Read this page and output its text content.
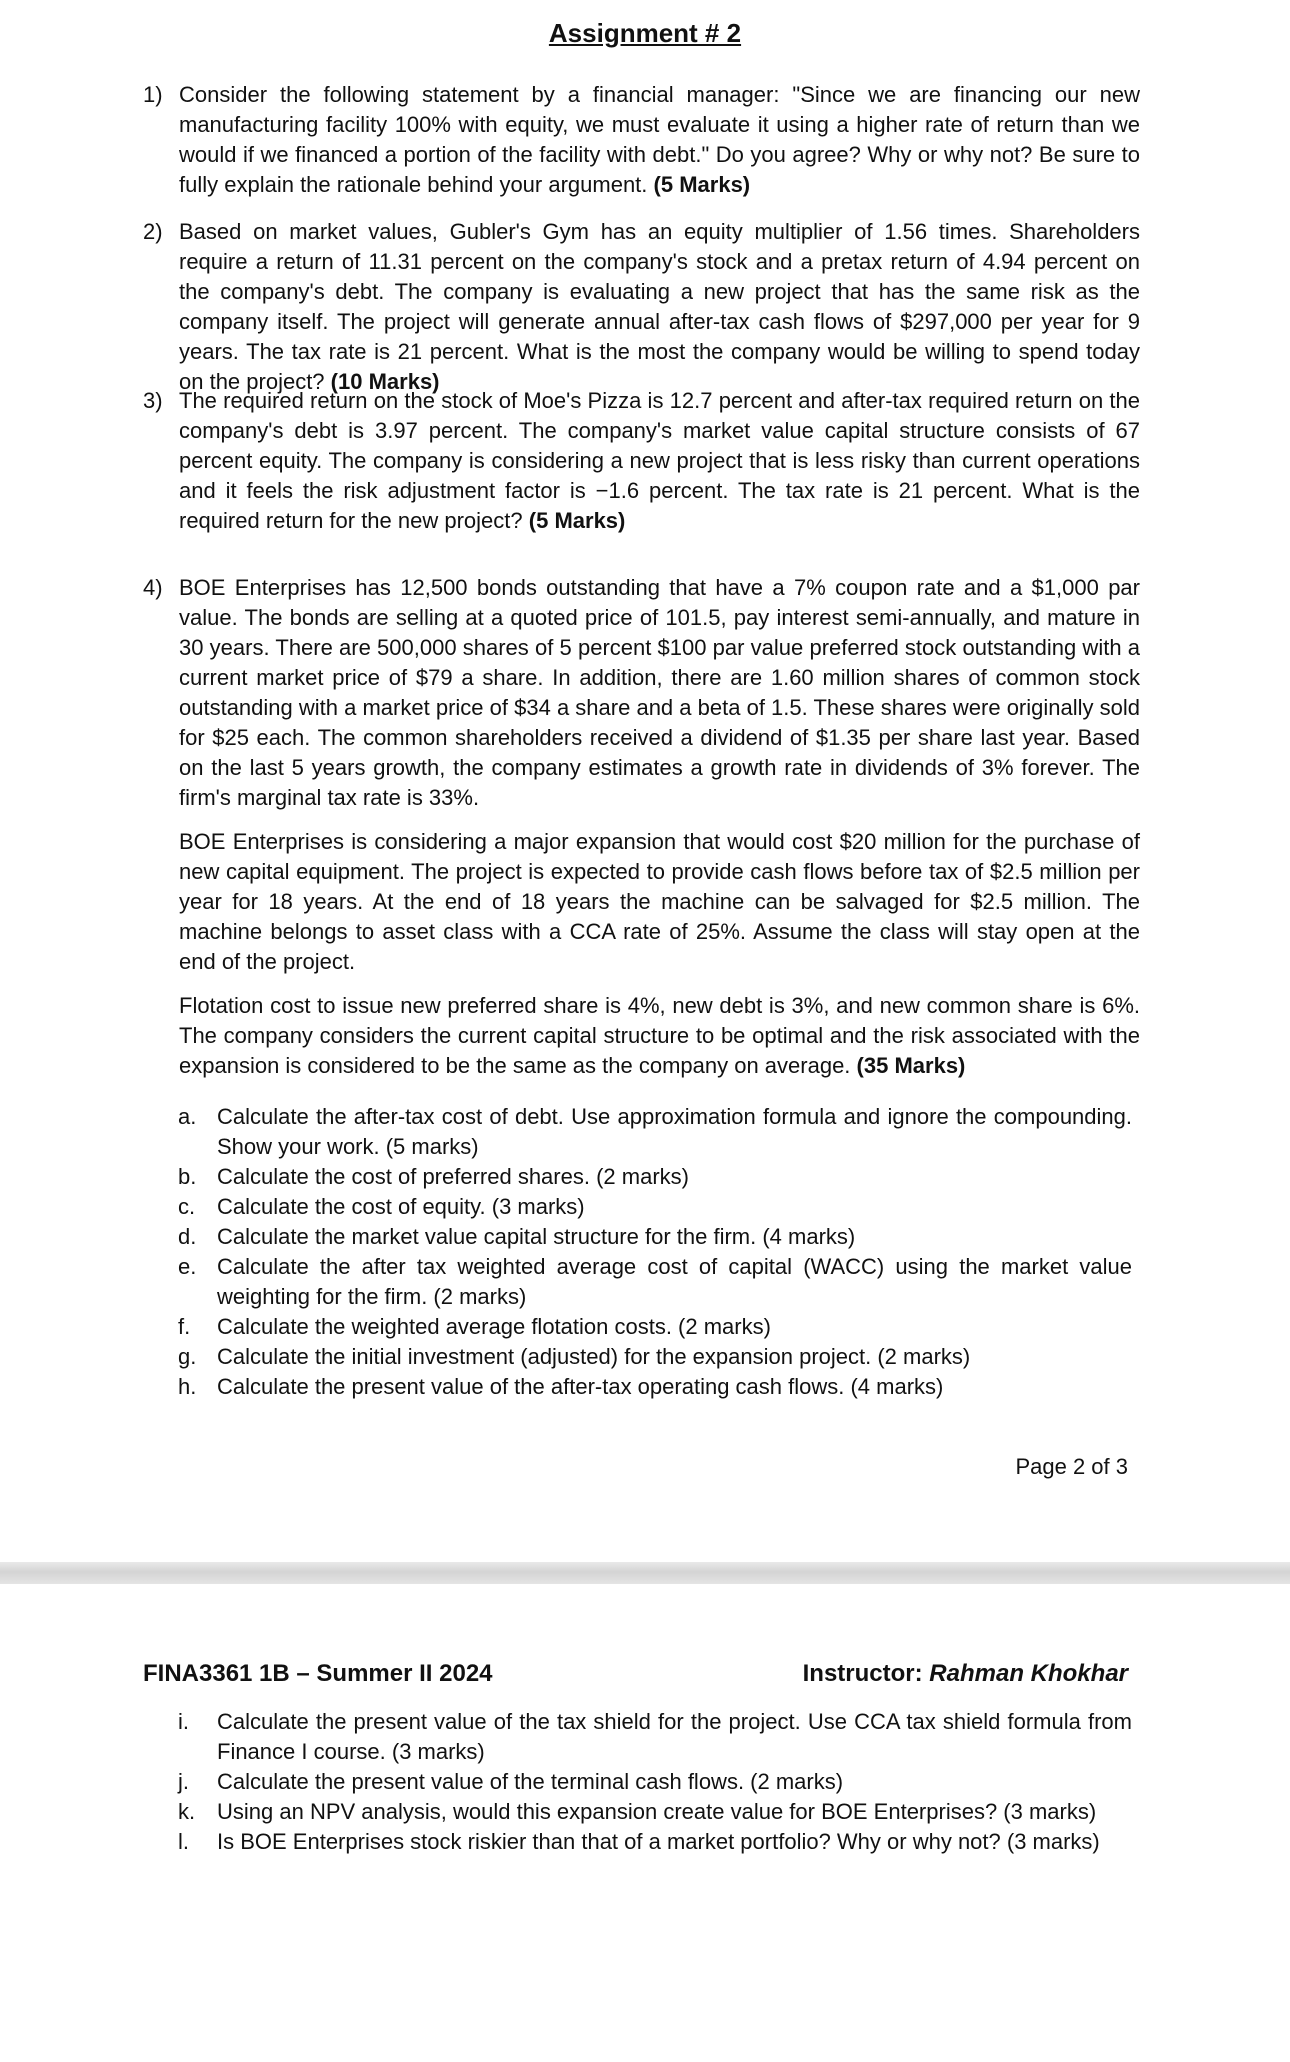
Assignment # 2
1) Consider the following statement by a financial manager: "Since we are financing our new manufacturing facility 100% with equity, we must evaluate it using a higher rate of return than we would if we financed a portion of the facility with debt." Do you agree? Why or why not? Be sure to fully explain the rationale behind your argument. (5 Marks)

2) Based on market values, Gubler's Gym has an equity multiplier of 1.56 times. Shareholders require a return of 11.31 percent on the company's stock and a pretax return of 4.94 percent on the company's debt. The company is evaluating a new project that has the same risk as the company itself. The project will generate annual after-tax cash flows of $297,000 per year for 9 years. The tax rate is 21 percent. What is the most the company would be willing to spend today on the project? (10 Marks)

3) The required return on the stock of Moe's Pizza is 12.7 percent and after-tax required return on the company's debt is 3.97 percent. The company's market value capital structure consists of 67 percent equity. The company is considering a new project that is less risky than current operations and it feels the risk adjustment factor is −1.6 percent. The tax rate is 21 percent. What is the required return for the new project? (5 Marks)

4) BOE Enterprises has 12,500 bonds outstanding that have a 7% coupon rate and a $1,000 par value. The bonds are selling at a quoted price of 101.5, pay interest semi-annually, and mature in 30 years. There are 500,000 shares of 5 percent $100 par value preferred stock outstanding with a current market price of $79 a share. In addition, there are 1.60 million shares of common stock outstanding with a market price of $34 a share and a beta of 1.5. These shares were originally sold for $25 each. The common shareholders received a dividend of $1.35 per share last year. Based on the last 5 years growth, the company estimates a growth rate in dividends of 3% forever. The firm's marginal tax rate is 33%.

BOE Enterprises is considering a major expansion that would cost $20 million for the purchase of new capital equipment. The project is expected to provide cash flows before tax of $2.5 million per year for 18 years. At the end of 18 years the machine can be salvaged for $2.5 million. The machine belongs to asset class with a CCA rate of 25%. Assume the class will stay open at the end of the project.

Flotation cost to issue new preferred share is 4%, new debt is 3%, and new common share is 6%. The company considers the current capital structure to be optimal and the risk associated with the expansion is considered to be the same as the company on average. (35 Marks)

a. Calculate the after-tax cost of debt. Use approximation formula and ignore the compounding. Show your work. (5 marks)
b. Calculate the cost of preferred shares. (2 marks)
c. Calculate the cost of equity. (3 marks)
d. Calculate the market value capital structure for the firm. (4 marks)
e. Calculate the after tax weighted average cost of capital (WACC) using the market value weighting for the firm. (2 marks)
f. Calculate the weighted average flotation costs. (2 marks)
g. Calculate the initial investment (adjusted) for the expansion project. (2 marks)
h. Calculate the present value of the after-tax operating cash flows. (4 marks)
Page 2 of 3
FINA3361 1B – Summer II 2024	Instructor: Rahman Khokhar
i. Calculate the present value of the tax shield for the project. Use CCA tax shield formula from Finance I course. (3 marks)
j. Calculate the present value of the terminal cash flows. (2 marks)
k. Using an NPV analysis, would this expansion create value for BOE Enterprises? (3 marks)
l. Is BOE Enterprises stock riskier than that of a market portfolio? Why or why not? (3 marks)
